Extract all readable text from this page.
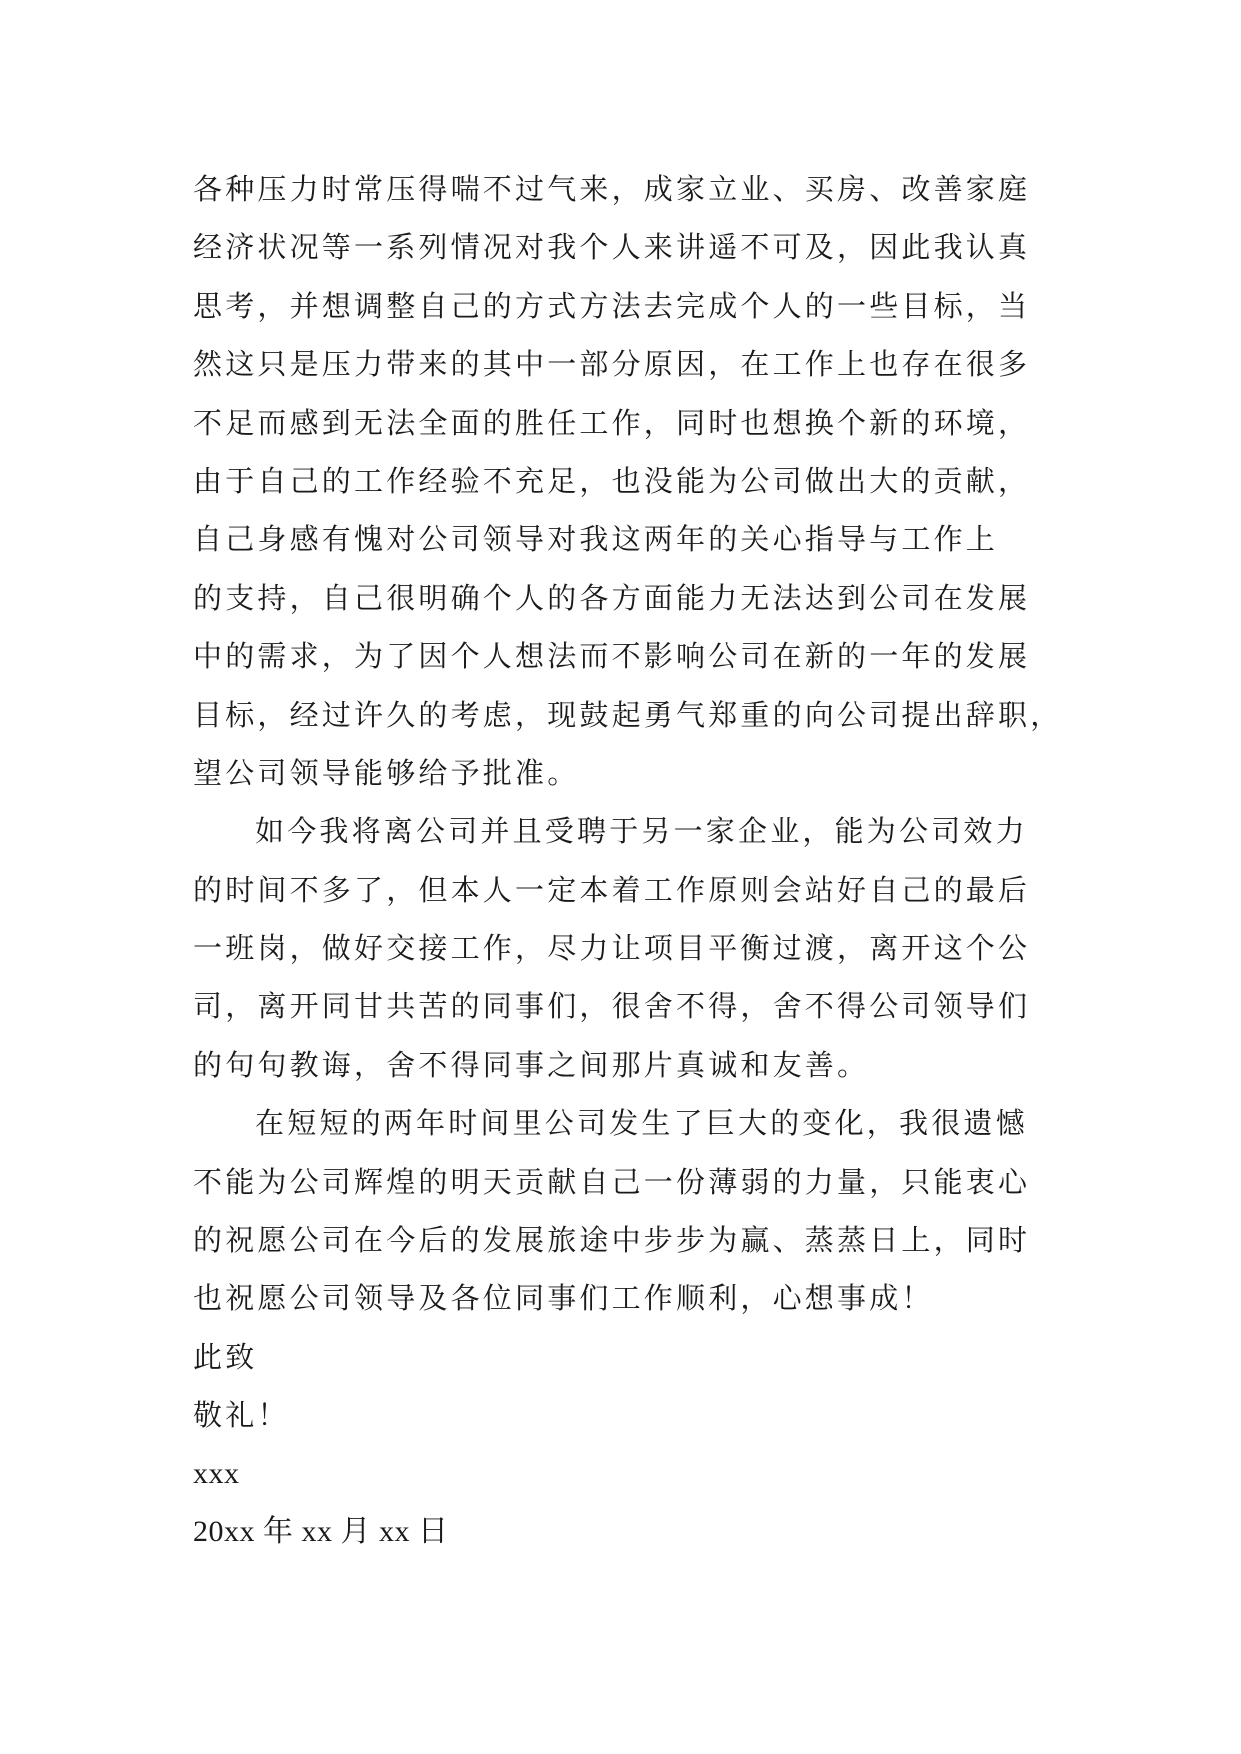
各种压力时常压得喘不过气来，成家立业、买房、改善家庭
经济状况等一系列情况对我个人来讲遥不可及，因此我认真
思考，并想调整自己的方式方法去完成个人的一些目标，当
然这只是压力带来的其中一部分原因，在工作上也存在很多
不足而感到无法全面的胜任工作，同时也想换个新的环境，
由于自己的工作经验不充足，也没能为公司做出大的贡献，
自己身感有愧对公司领导对我这两年的关心指导与工作上
的支持，自己很明确个人的各方面能力无法达到公司在发展
中的需求，为了因个人想法而不影响公司在新的一年的发展
目标，经过许久的考虑，现鼓起勇气郑重的向公司提出辞职，
望公司领导能够给予批准。
如今我将离公司并且受聘于另一家企业，能为公司效力
的时间不多了，但本人一定本着工作原则会站好自己的最后
一班岗，做好交接工作，尽力让项目平衡过渡，离开这个公
司，离开同甘共苦的同事们，很舍不得，舍不得公司领导们
的句句教诲，舍不得同事之间那片真诚和友善。
在短短的两年时间里公司发生了巨大的变化，我很遗憾
不能为公司辉煌的明天贡献自己一份薄弱的力量，只能衷心
的祝愿公司在今后的发展旅途中步步为赢、蒸蒸日上，同时
也祝愿公司领导及各位同事们工作顺利，心想事成！
此致
敬礼！
xxx
20xx 年 xx 月 xx 日
